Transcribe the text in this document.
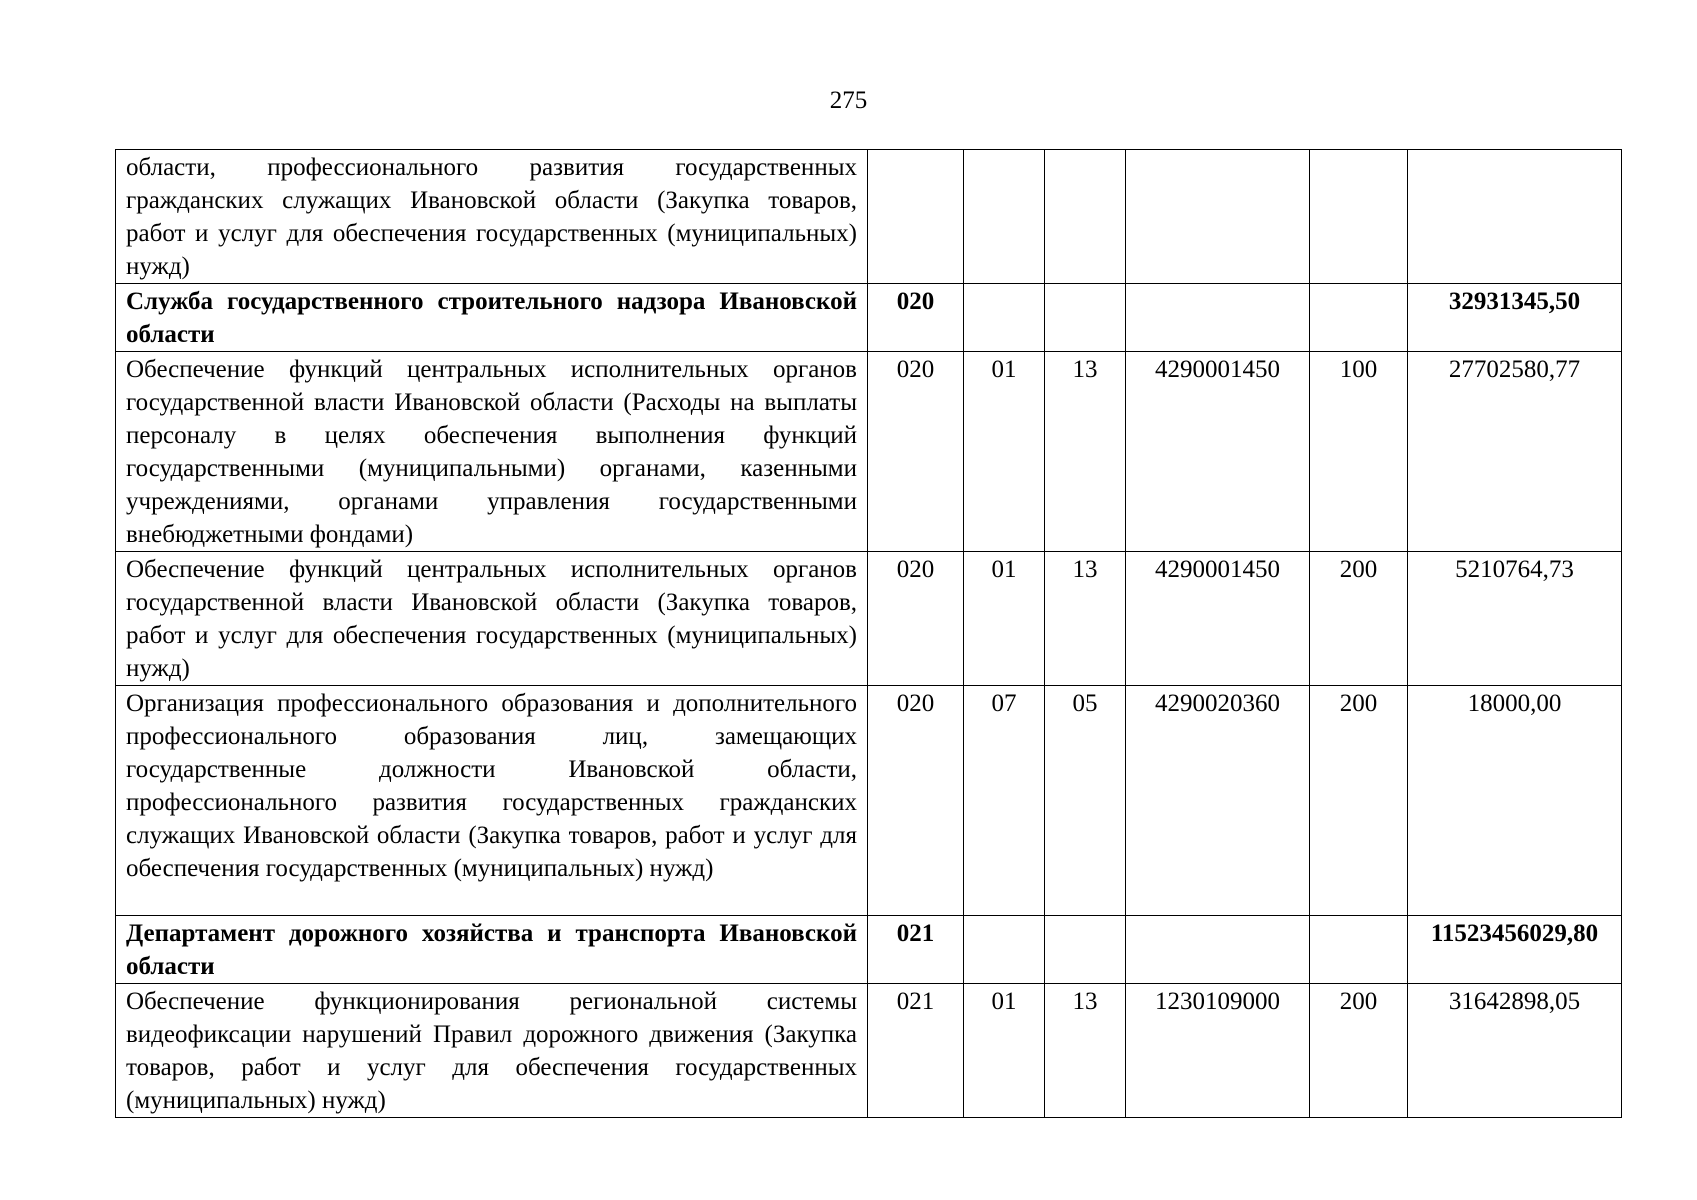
275
области, профессионального развития государственных гражданских служащих Ивановской области (Закупка товаров, работ и услуг для обеспечения государственных (муниципальных) нужд)						
Служба государственного строительного надзора Ивановской области	020					32931345,50
Обеспечение функций центральных исполнительных органов государственной власти Ивановской области (Расходы на выплаты персоналу в целях обеспечения выполнения функций государственными (муниципальными) органами, казенными учреждениями, органами управления государственными внебюджетными фондами)	020	01	13	4290001450	100	27702580,77
Обеспечение функций центральных исполнительных органов государственной власти Ивановской области (Закупка товаров, работ и услуг для обеспечения государственных (муниципальных) нужд)	020	01	13	4290001450	200	5210764,73
Организация профессионального образования и дополнительного профессионального образования лиц, замещающих государственные должности Ивановской области, профессионального развития государственных гражданских служащих Ивановской области (Закупка товаров, работ и услуг для обеспечения государственных (муниципальных) нужд)	020	07	05	4290020360	200	18000,00
Департамент дорожного хозяйства и транспорта Ивановской области	021					11523456029,80
Обеспечение функционирования региональной системы видеофиксации нарушений Правил дорожного движения (Закупка товаров, работ и услуг для обеспечения государственных (муниципальных) нужд)	021	01	13	1230109000	200	31642898,05
